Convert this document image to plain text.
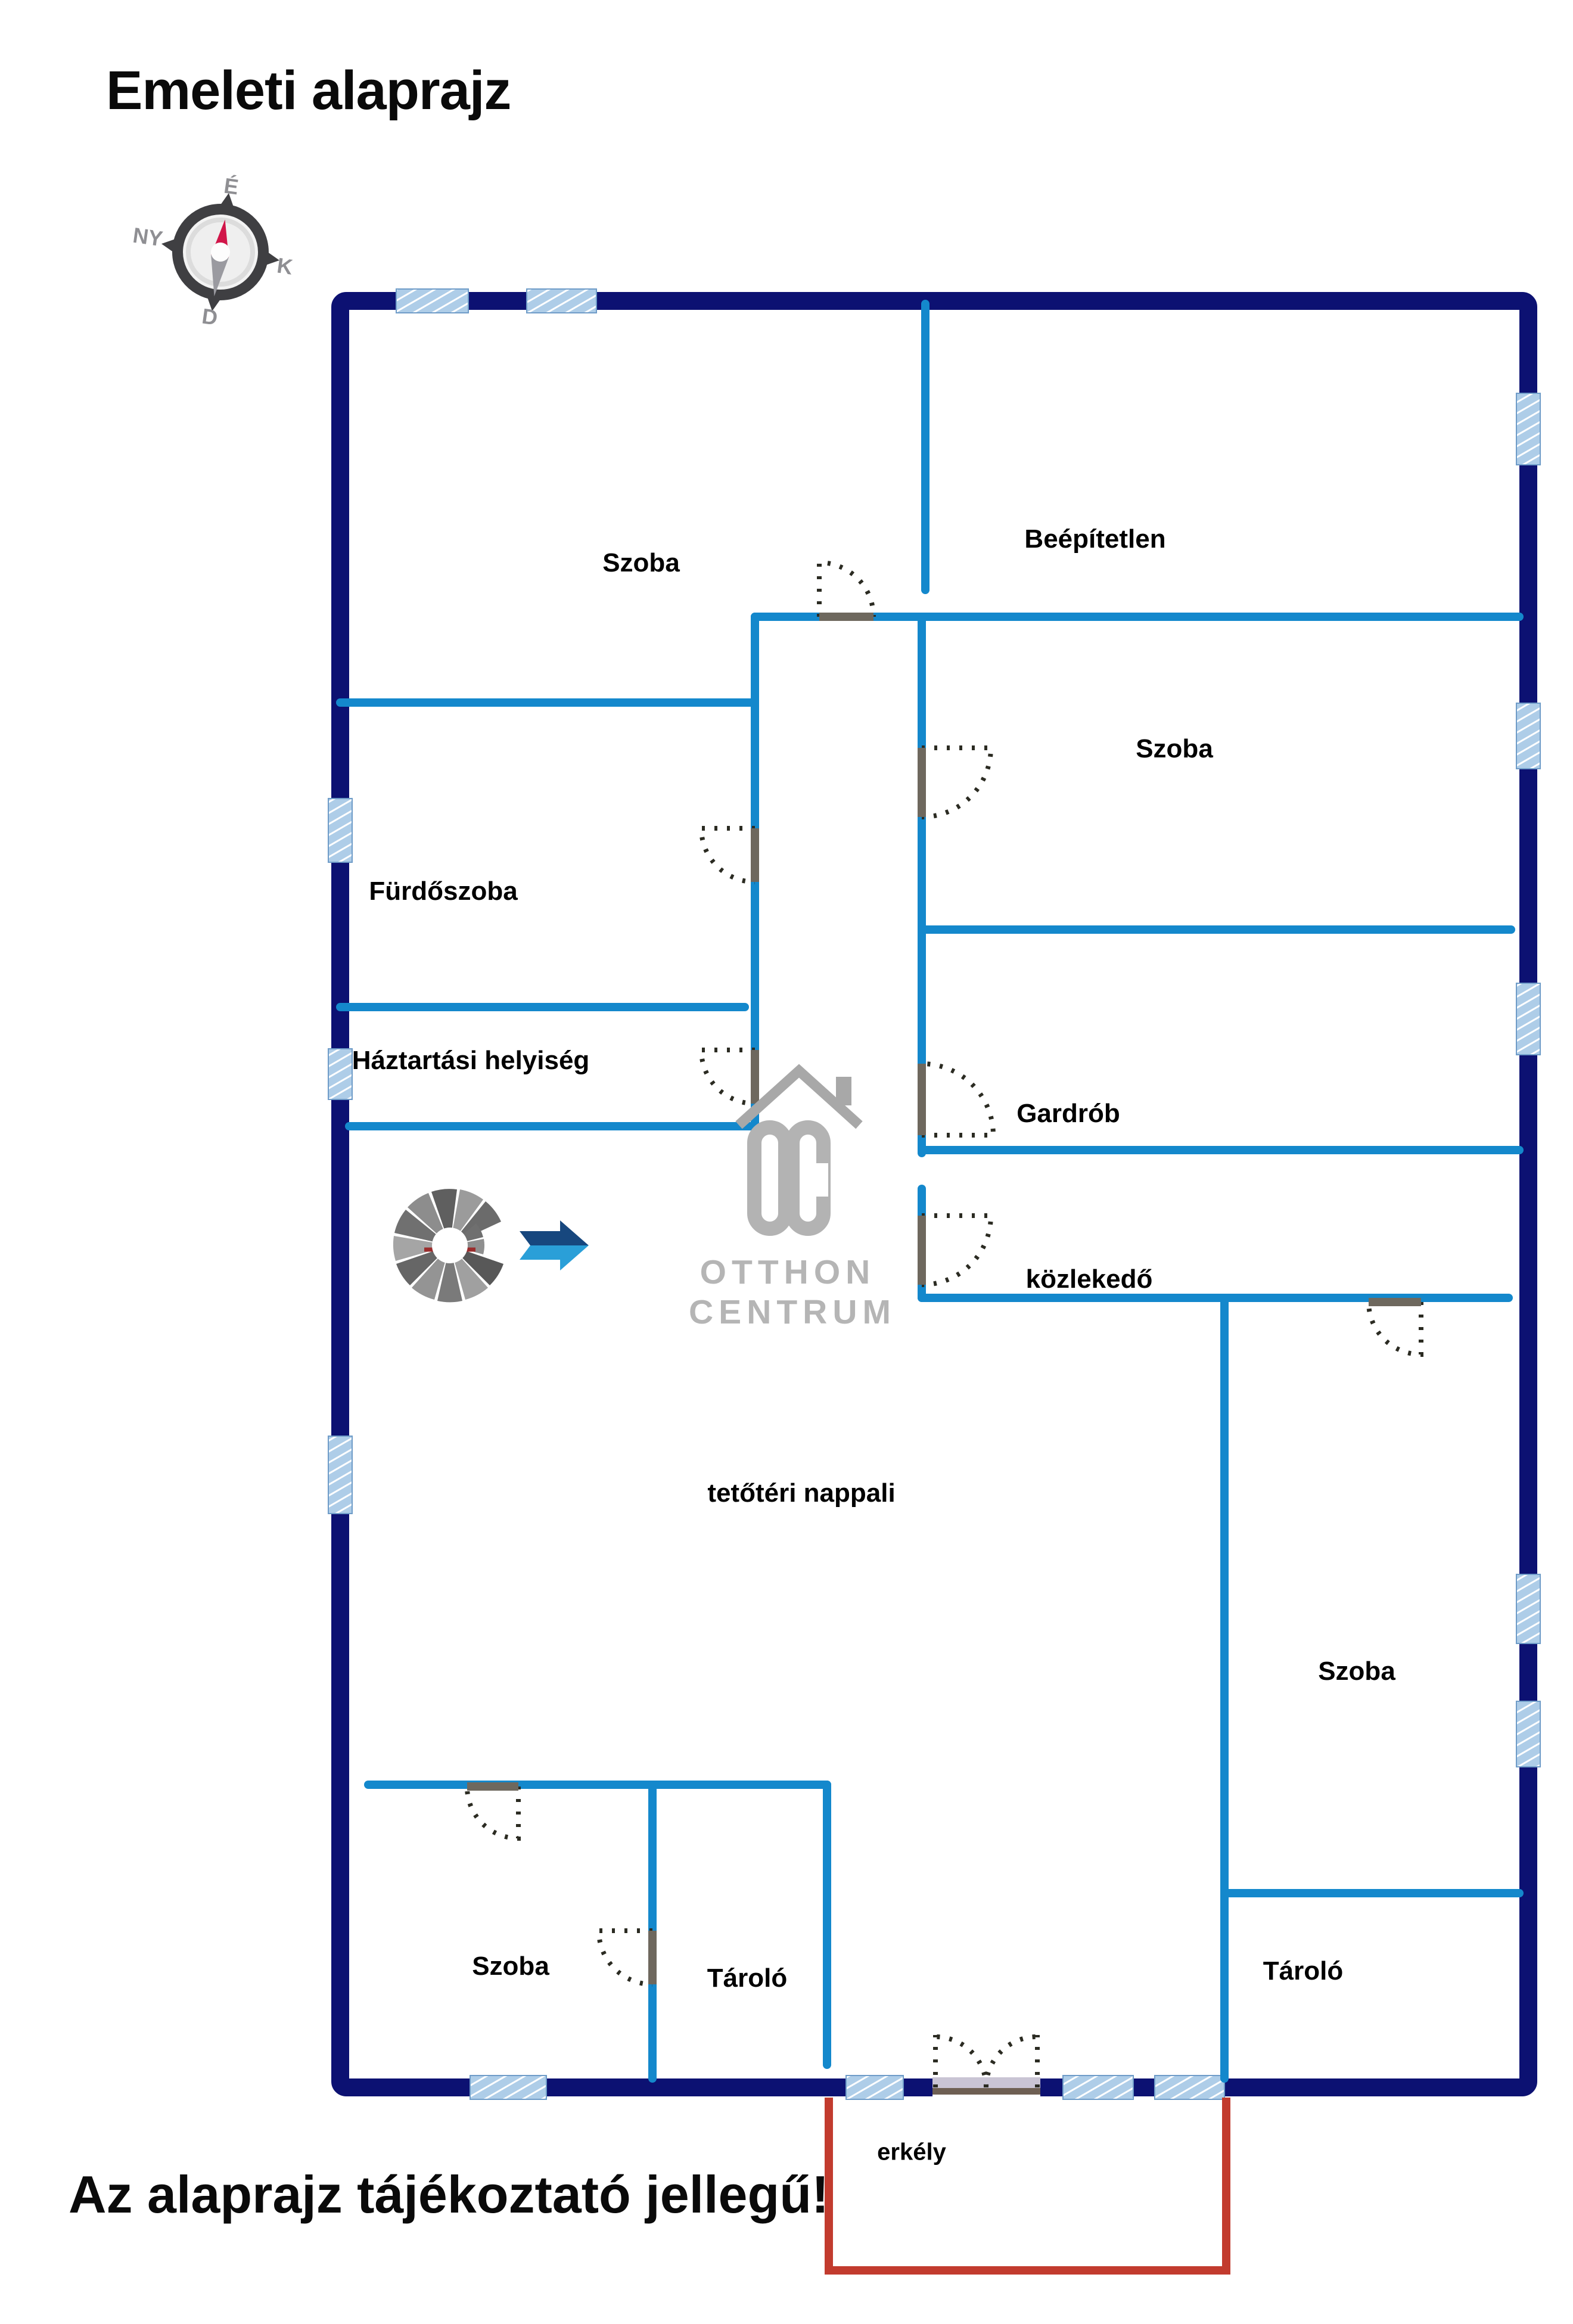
Emeleti alaprajz
É
K
D
NY
Szoba
Beépítetlen
Szoba
Fürdőszoba
Gardrób
Háztartási helyiség
közlekedő
tetőtéri nappali
Szoba
Szoba	Tároló	Tároló
erkély
OTTHON
CENTRUM
Az alaprajz tájékoztató jellegű!
